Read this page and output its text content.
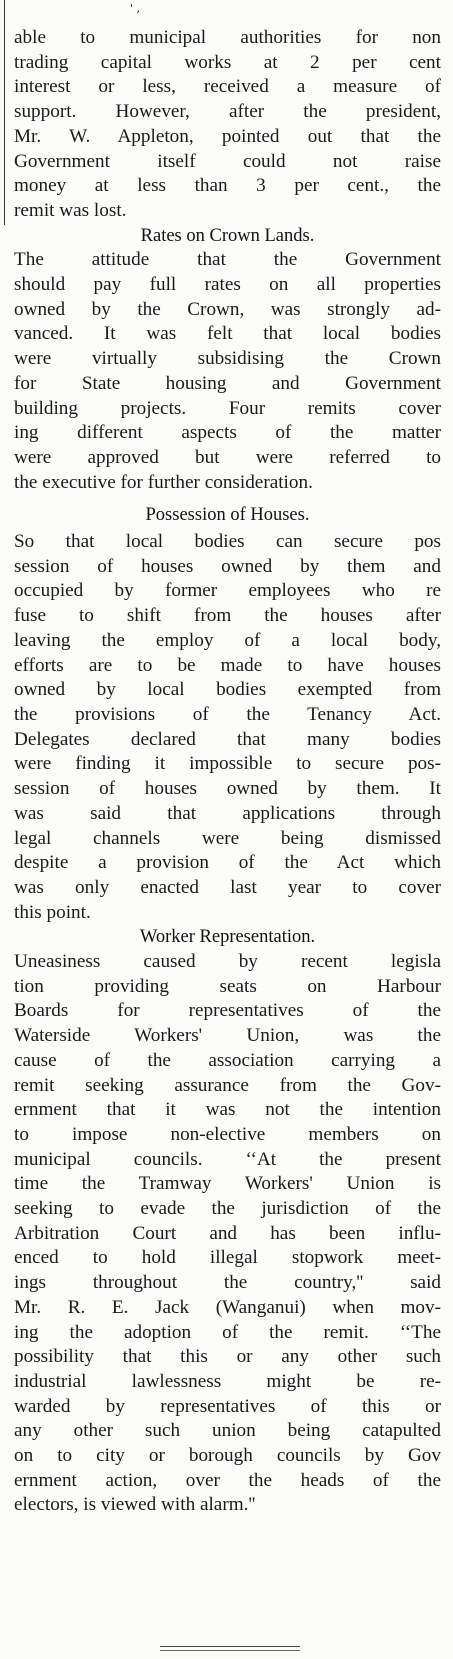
' ,

able to municipal authorities for non
trading capital works at 2 per cent
interest or less, received a measure of
support. However, after the president,
Mr. W. Appleton, pointed out that the
Government itself could not raise
money at less than 3 per cent., the
remit was lost.

Rates on Crown Lands.

The attitude that the Government
should pay full rates on all properties
owned by the Crown, was strongly ad-
vanced. It was felt that local bodies
were virtually subsidising the Crown
for State housing and Government
building projects. Four remits cover
ing different aspects of the matter
were approved but were referred to
the executive for further consideration.

Possession of Houses.

So that local bodies can secure pos
session of houses owned by them and
occupied by former employees who re
fuse to shift from the houses after
leaving the employ of a local body,
efforts are to be made to have houses
owned by local bodies exempted from
the provisions of the Tenancy Act.
Delegates declared that many bodies
were finding it impossible to secure pos-
session of houses owned by them. It
was said that applications through
legal channels were being dismissed
despite a provision of the Act which
was only enacted last year to cover
this point.

Worker Representation.

Uneasiness caused by recent legisla
tion providing seats on Harbour
Boards for representatives of the
Waterside Workers' Union, was the
cause of the association carrying a
remit seeking assurance from the Gov-
ernment that it was not the intention
to impose non-elective members on
municipal councils. ‘‘At the present
time the Tramway Workers' Union is
seeking to evade the jurisdiction of the
Arbitration Court and has been influ-
enced to hold illegal stopwork meet-
ings throughout the country,'' said
Mr. R. E. Jack (Wanganui) when mov-
ing the adoption of the remit. ‘‘The
possibility that this or any other such
industrial lawlessness might be re-
warded by representatives of this or
any other such union being catapulted
on to city or borough councils by Gov
ernment action, over the heads of the
electors, is viewed with alarm.''
